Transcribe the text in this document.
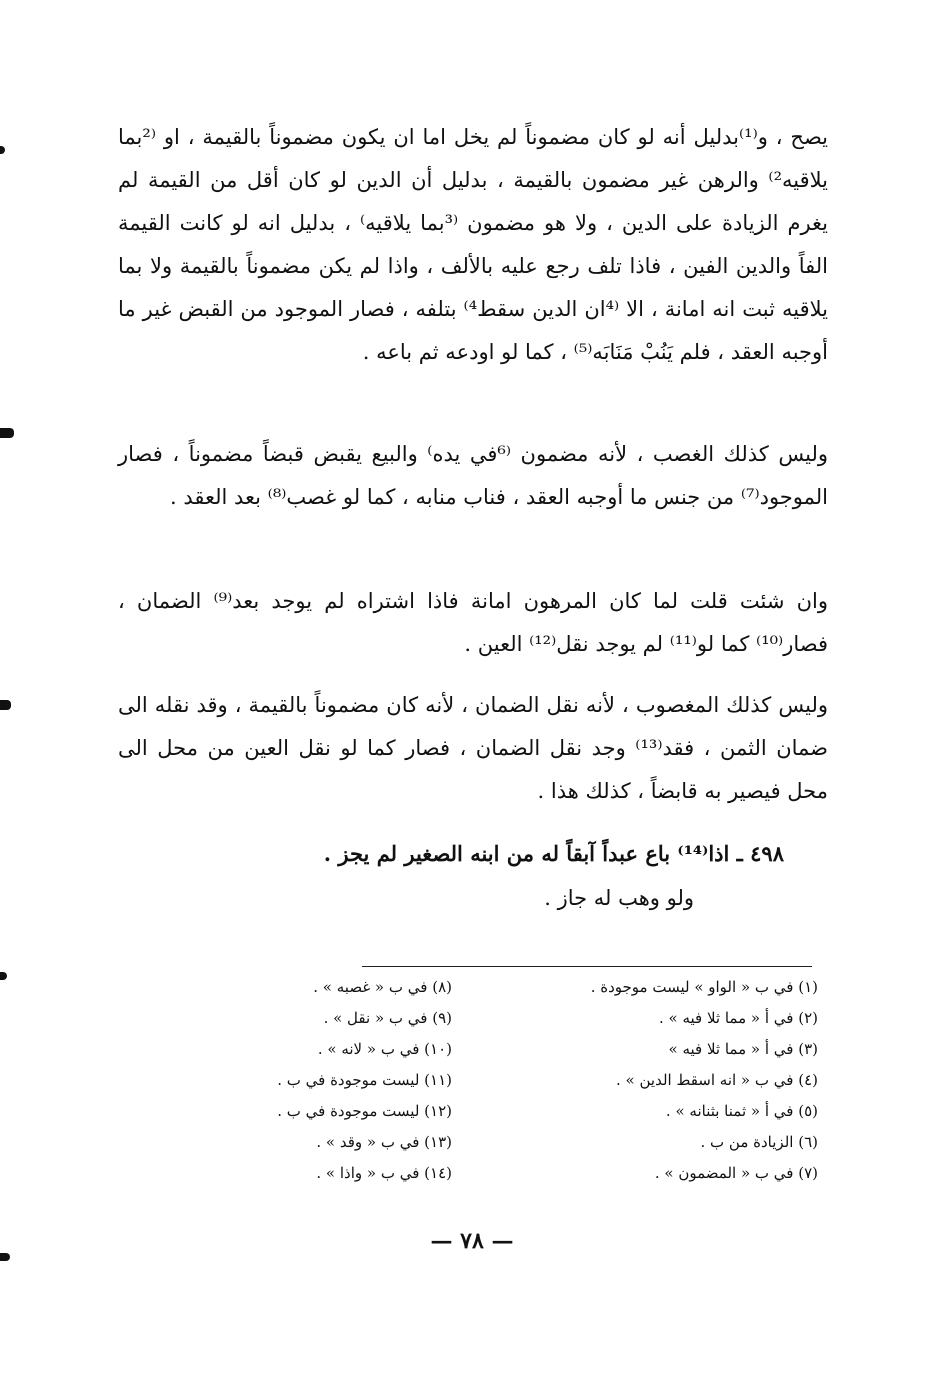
يصح ، و⁽¹⁾بدليل أنه لو كان مضموناً لم يخل اما ان يكون مضموناً بالقيمة ، او ⁽²بما يلاقيه²⁾ والرهن غير مضمون بالقيمة ، بدليل أن الدين لو كان أقل من القيمة لم يغرم الزيادة على الدين ، ولا هو مضمون ⁽³بما يلاقيه⁾ ، بدليل انه لو كانت القيمة الفاً والدين الفين ، فاذا تلف رجع عليه بالألف ، واذا لم يكن مضموناً بالقيمة ولا بما يلاقيه ثبت انه امانة ، الا ⁽⁴ان الدين سقط⁴⁾ بتلفه ، فصار الموجود من القبض غير ما أوجبه العقد ، فلم يَنُبْ مَنَابَه⁽⁵⁾ ، كما لو اودعه ثم باعه .

وليس كذلك الغصب ، لأنه مضمون ⁽⁶في يده⁾ والبيع يقبض قبضاً مضموناً ، فصار الموجود⁽⁷⁾ من جنس ما أوجبه العقد ، فناب منابه ، كما لو غصب⁽⁸⁾ بعد العقد .

وان شئت قلت لما كان المرهون امانة فاذا اشتراه لم يوجد بعد⁽⁹⁾ الضمان ، فصار⁽¹⁰⁾ كما لو⁽¹¹⁾ لم يوجد نقل⁽¹²⁾ العين .

وليس كذلك المغصوب ، لأنه نقل الضمان ، لأنه كان مضموناً بالقيمة ، وقد نقله الى ضمان الثمن ، فقد⁽¹³⁾ وجد نقل الضمان ، فصار كما لو نقل العين من محل الى محل فيصير به قابضاً ، كذلك هذا .

٤٩٨ ـ اذا⁽¹⁴⁾ باع عبداً آبقاً له من ابنه الصغير لم يجز .

ولو وهب له جاز .

(١) في ب « الواو » ليست موجودة .
(٢) في أ « مما ثلا فيه » .
(٣) في أ « مما ثلا فيه »
(٤) في ب « انه اسقط الدين » .
(٥) في أ « ثمنا بثنانه » .
(٦) الزيادة من ب .
(٧) في ب « المضمون » .
(٨) في ب « غصبه » .
(٩) في ب « نقل » .
(١٠) في ب « لانه » .
(١١) ليست موجودة في ب .
(١٢) ليست موجودة في ب .
(١٣) في ب « وقد » .
(١٤) في ب « واذا » .
— ٧٨ —
